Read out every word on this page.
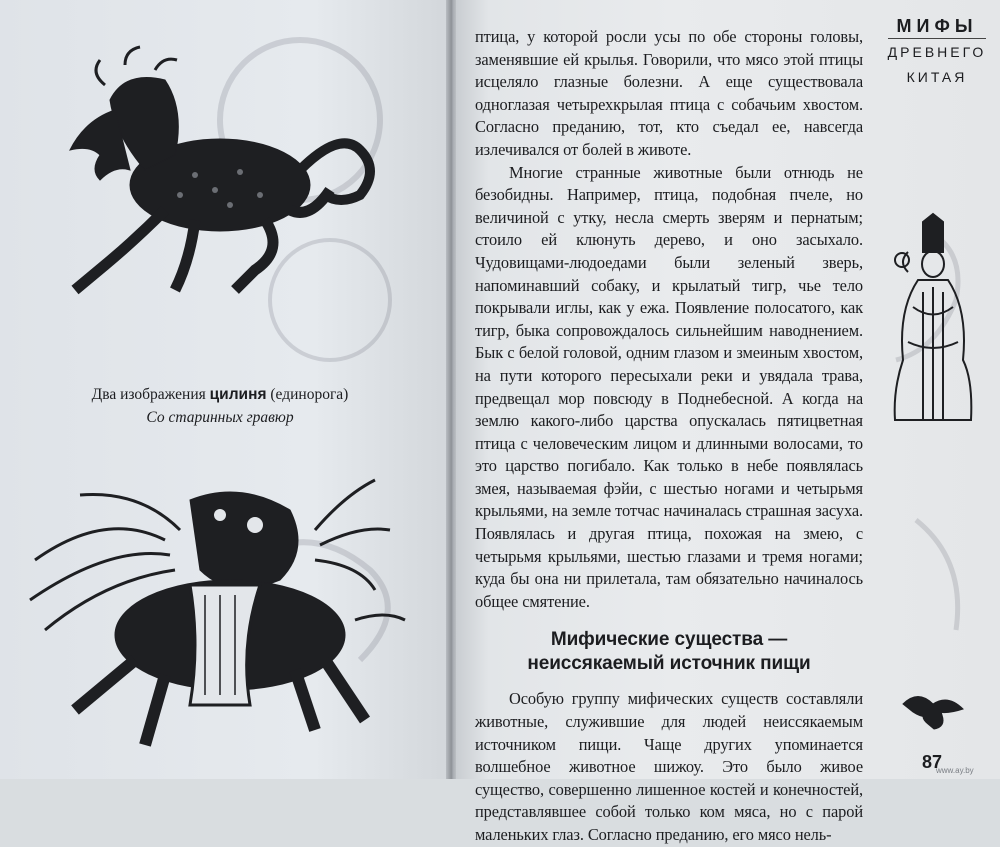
Два изображения цилиня (единорога)
Со старинных гравюр

птица, у которой росли усы по обе стороны головы, заменявшие ей крылья. Говорили, что мясо этой птицы исцеляло глазные болезни. А еще существовала одноглазая четырехкрылая птица с собачьим хвостом. Согласно преданию, тот, кто съедал ее, навсегда излечивался от болей в животе.

Многие странные животные были отнюдь не безобидны. Например, птица, подобная пчеле, но величиной с утку, несла смерть зверям и пернатым; стоило ей клюнуть дерево, и оно засыхало. Чудовищами-людоедами были зеленый зверь, напоминавший собаку, и крылатый тигр, чье тело покрывали иглы, как у ежа. Появление полосатого, как тигр, быка сопровождалось сильнейшим наводнением. Бык с белой головой, одним глазом и змеиным хвостом, на пути которого пересыхали реки и увядала трава, предвещал мор повсюду в Поднебесной. А когда на землю какого-либо царства опускалась пятицветная птица с человеческим лицом и длинными волосами, то это царство погибало. Как только в небе появлялась змея, называемая фэйи, с шестью ногами и четырьмя крыльями, на земле тотчас начиналась страшная засуха. Появлялась и другая птица, похожая на змею, с четырьмя крыльями, шестью глазами и тремя ногами; куда бы она ни прилетала, там обязательно начиналось общее смятение.

Мифические существа —
неиссякаемый источник пищи

Особую группу мифических существ составляли животные, служившие для людей неиссякаемым источником пищи. Чаще других упоминается волшебное животное шижоу. Это было живое существо, совершенно лишенное костей и конечностей, представлявшее собой только ком мяса, но с парой маленьких глаз. Согласно преданию, его мясо нель-

МИФЫ
ДРЕВНЕГО
КИТАЯ
87
www.ay.by
